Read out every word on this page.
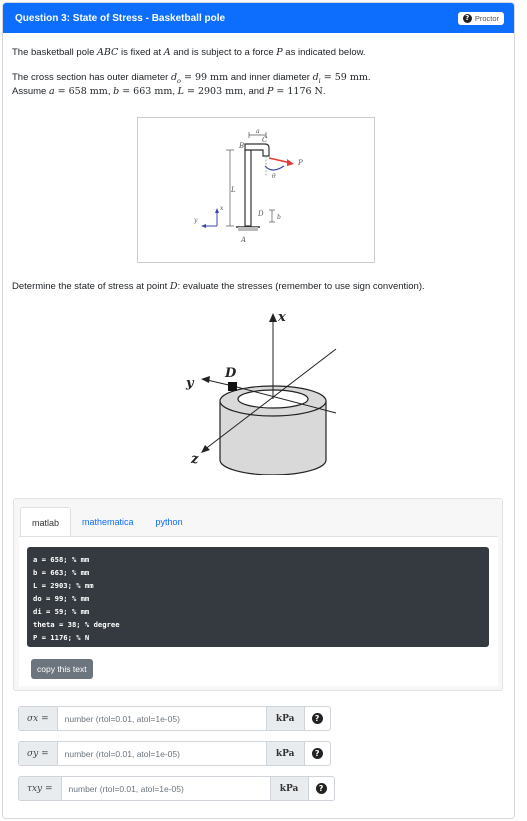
Question 3: State of Stress - Basketball pole	? Proctor
The basketball pole ABC is fixed at A and is subject to a force P as indicated below.
The cross section has outer diameter $d_o = 99$ mm and inner diameter $d_i = 59$ mm.
Assume a = 658 mm, b = 663 mm, L = 2903 mm, and P = 1176 N.
L
a
B
C
P
θ
D b
A
x
y
Determine the state of stress at point D: evaluate the stresses (remember to use sign convention).
x
z
y
D
matlab	mathematica	python
a = 658; % mm
b = 663; % mm
L = 2903; % mm
do = 99; % mm
di = 59; % mm
theta = 38; % degree
P = 1176; % N
copy this text
σx =	number (rtol=0.01, atol=1e-05)	kPa	?
σy =	number (rtol=0.01, atol=1e-05)	kPa	?
τxy =	number (rtol=0.01, atol=1e-05)	kPa	?
